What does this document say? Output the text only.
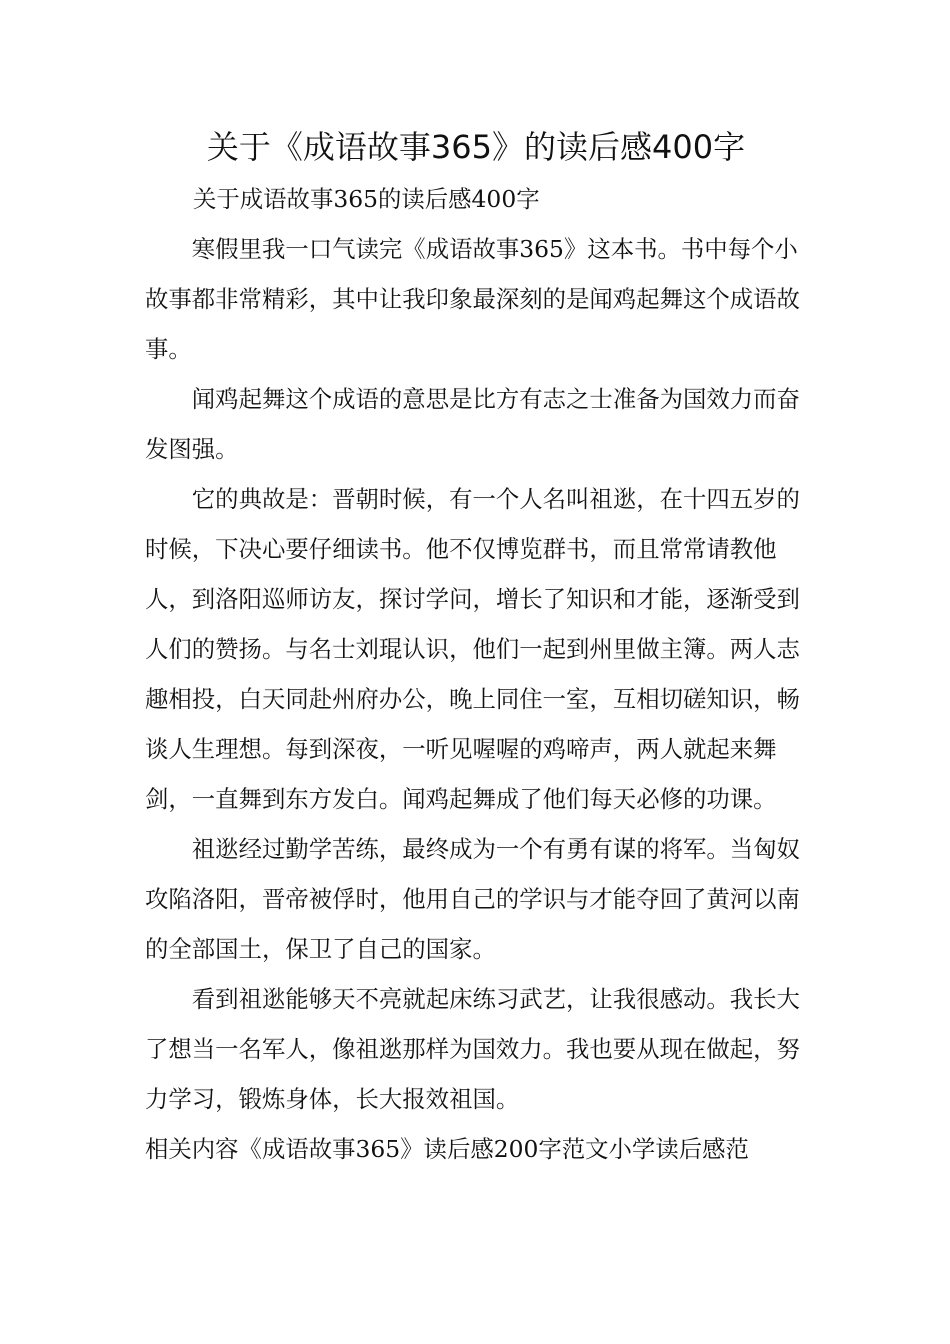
关于《成语故事365》的读后感400字

关于成语故事365的读后感400字

寒假里我一口气读完《成语故事365》这本书。书中每个小故事都非常精彩，其中让我印象最深刻的是闻鸡起舞这个成语故事。

闻鸡起舞这个成语的意思是比方有志之士准备为国效力而奋发图强。

它的典故是：晋朝时候，有一个人名叫祖逖，在十四五岁的时候，下决心要仔细读书。他不仅博览群书，而且常常请教他人，到洛阳巡师访友，探讨学问，增长了知识和才能，逐渐受到人们的赞扬。与名士刘琨认识，他们一起到州里做主簿。两人志趣相投，白天同赴州府办公，晚上同住一室，互相切磋知识，畅谈人生理想。每到深夜，一听见喔喔的鸡啼声，两人就起来舞剑，一直舞到东方发白。闻鸡起舞成了他们每天必修的功课。

祖逖经过勤学苦练，最终成为一个有勇有谋的将军。当匈奴攻陷洛阳，晋帝被俘时，他用自己的学识与才能夺回了黄河以南的全部国土，保卫了自己的国家。

看到祖逖能够天不亮就起床练习武艺，让我很感动。我长大了想当一名军人，像祖逖那样为国效力。我也要从现在做起，努力学习，锻炼身体，长大报效祖国。

相关内容《成语故事365》读后感200字范文小学读后感范
